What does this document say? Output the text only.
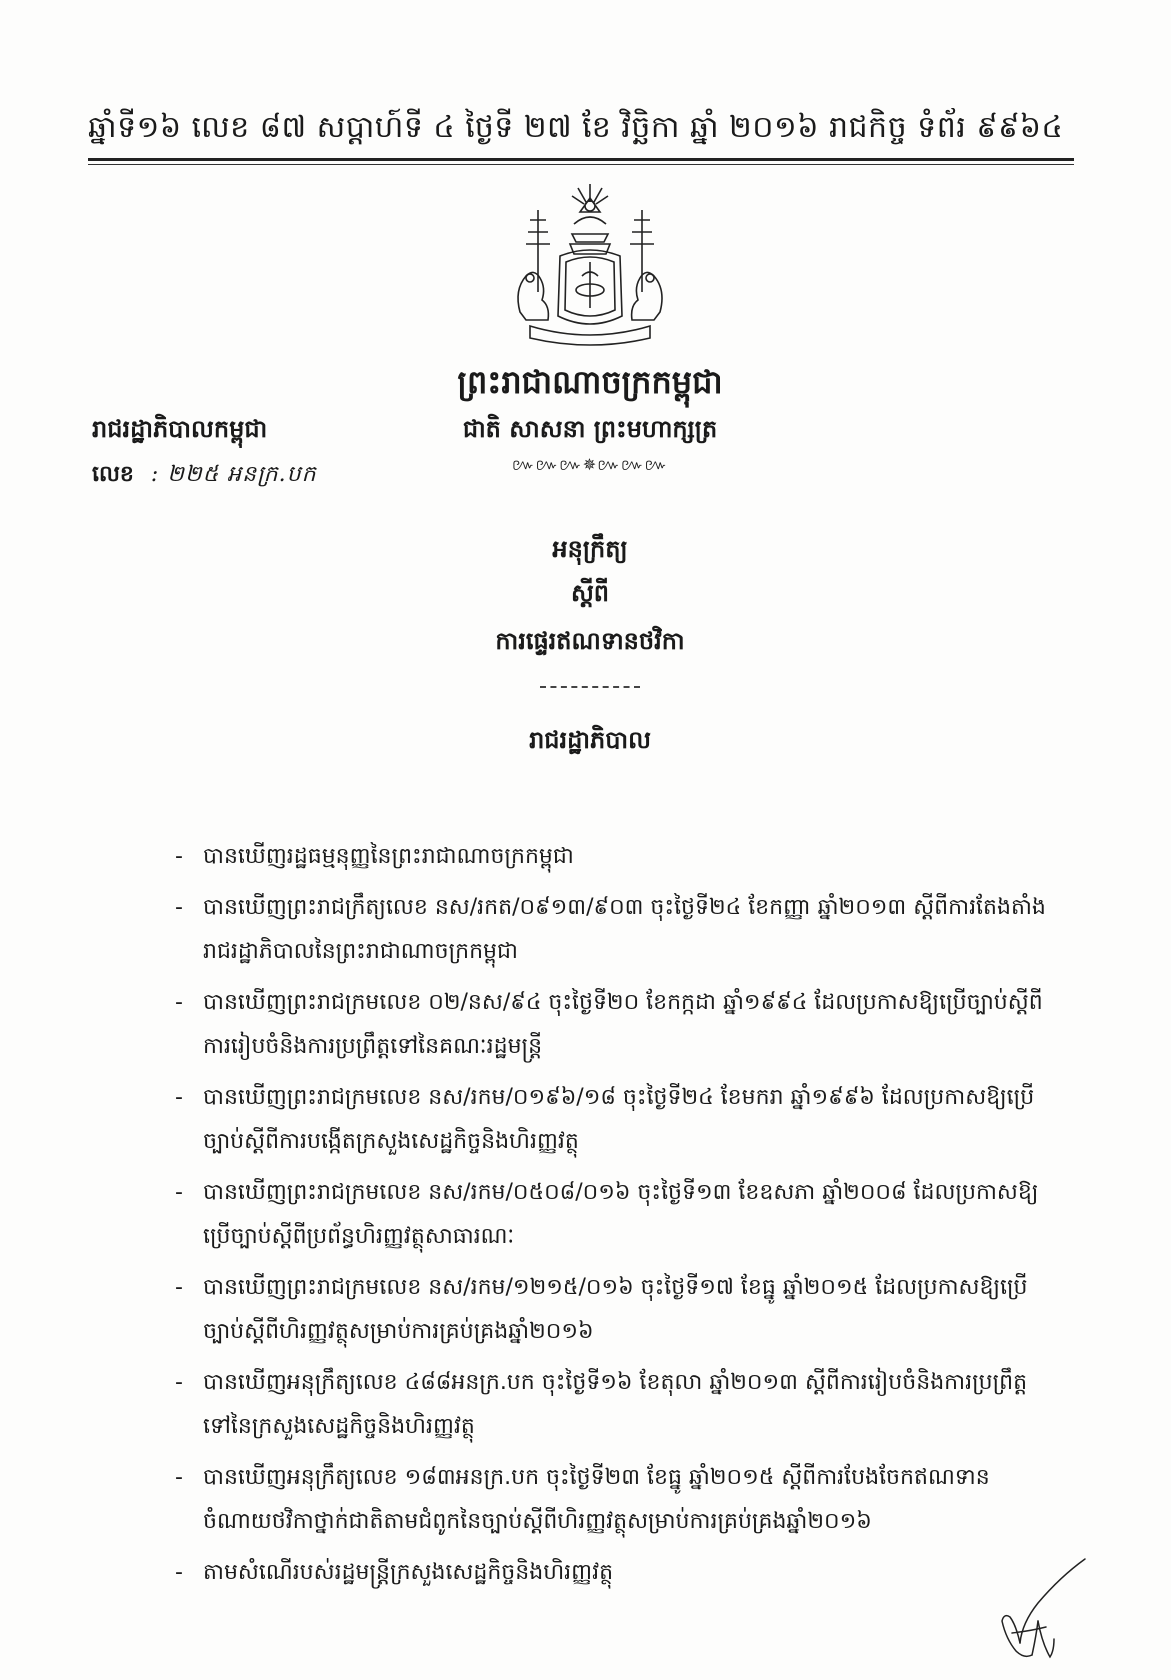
ឆ្នាំទី១៦ លេខ ៨៧ សប្ដាហ៍ទី ៤ ថ្ងៃទី ២៧ ខែ វិច្ឆិកា ឆ្នាំ ២០១៦ រាជកិច្ច ទំព័រ ៩៩៦៤
ព្រះរាជាណាចក្រកម្ពុជា
ជាតិ សាសនា ព្រះមហាក្សត្រ
៚៚៚✵៚៚៚
រាជរដ្ឋាភិបាលកម្ពុជា
លេខ : ២២៥ អនក្រ.បក
អនុក្រឹត្យ
ស្ដីពី
ការផ្ទេរឥណទានថវិកា
រាជរដ្ឋាភិបាល
- បានឃើញរដ្ឋធម្មនុញ្ញនៃព្រះរាជាណាចក្រកម្ពុជា
- បានឃើញព្រះរាជក្រឹត្យលេខ នស/រកត/០៩១៣/៩០៣ ចុះថ្ងៃទី២៤ ខែកញ្ញា ឆ្នាំ២០១៣ ស្ដីពីការតែងតាំងរាជរដ្ឋាភិបាលនៃព្រះរាជាណាចក្រកម្ពុជា
- បានឃើញព្រះរាជក្រមលេខ ០២/នស/៩៤ ចុះថ្ងៃទី២០ ខែកក្កដា ឆ្នាំ១៩៩៤ ដែលប្រកាសឱ្យប្រើច្បាប់ស្ដីពីការរៀបចំនិងការប្រព្រឹត្តទៅនៃគណៈរដ្ឋមន្ត្រី
- បានឃើញព្រះរាជក្រមលេខ នស/រកម/០១៩៦/១៨ ចុះថ្ងៃទី២៤ ខែមករា ឆ្នាំ១៩៩៦ ដែលប្រកាសឱ្យប្រើច្បាប់ស្ដីពីការបង្កើតក្រសួងសេដ្ឋកិច្ចនិងហិរញ្ញវត្ថុ
- បានឃើញព្រះរាជក្រមលេខ នស/រកម/០៥០៨/០១៦ ចុះថ្ងៃទី១៣ ខែឧសភា ឆ្នាំ២០០៨ ដែលប្រកាសឱ្យប្រើច្បាប់ស្ដីពីប្រព័ន្ធហិរញ្ញវត្ថុសាធារណៈ
- បានឃើញព្រះរាជក្រមលេខ នស/រកម/១២១៥/០១៦ ចុះថ្ងៃទី១៧ ខែធ្នូ ឆ្នាំ២០១៥ ដែលប្រកាសឱ្យប្រើច្បាប់ស្ដីពីហិរញ្ញវត្ថុសម្រាប់ការគ្រប់គ្រងឆ្នាំ២០១៦
- បានឃើញអនុក្រឹត្យលេខ ៤៨៨អនក្រ.បក ចុះថ្ងៃទី១៦ ខែតុលា ឆ្នាំ២០១៣ ស្ដីពីការរៀបចំនិងការប្រព្រឹត្តទៅនៃក្រសួងសេដ្ឋកិច្ចនិងហិរញ្ញវត្ថុ
- បានឃើញអនុក្រឹត្យលេខ ១៨៣អនក្រ.បក ចុះថ្ងៃទី២៣ ខែធ្នូ ឆ្នាំ២០១៥ ស្ដីពីការបែងចែកឥណទានចំណាយថវិកាថ្នាក់ជាតិតាមជំពូកនៃច្បាប់ស្ដីពីហិរញ្ញវត្ថុសម្រាប់ការគ្រប់គ្រងឆ្នាំ២០១៦
- តាមសំណើរបស់រដ្ឋមន្ត្រីក្រសួងសេដ្ឋកិច្ចនិងហិរញ្ញវត្ថុ
